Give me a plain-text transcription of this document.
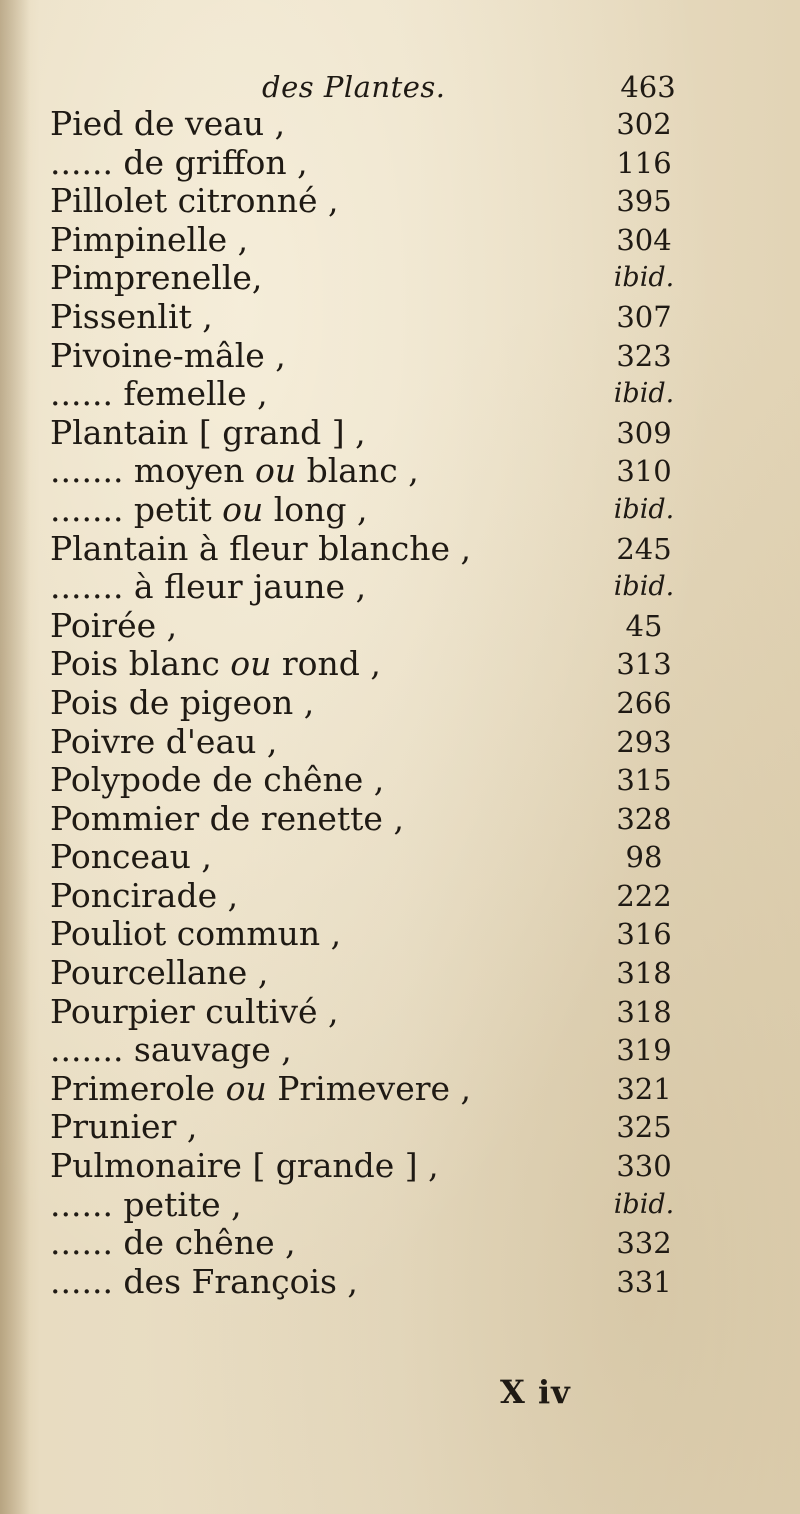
des Plantes.	463
Pied de veau ,	302
...... de griffon ,	116
Pillolet citronné ,	395
Pimpinelle ,	304
Pimprenelle,	ibid.
Pissenlit ,	307
Pivoine-mâle ,	323
...... femelle ,	ibid.
Plantain [ grand ] ,	309
....... moyen ou blanc ,	310
....... petit ou long ,	ibid.
Plantain à fleur blanche ,	245
....... à fleur jaune ,	ibid.
Poirée ,	45
Pois blanc ou rond ,	313
Pois de pigeon ,	266
Poivre d'eau ,	293
Polypode de chêne ,	315
Pommier de renette ,	328
Ponceau ,	98
Poncirade ,	222
Pouliot commun ,	316
Pourcellane ,	318
Pourpier cultivé ,	318
....... sauvage ,	319
Primerole ou Primevere ,	321
Prunier ,	325
Pulmonaire [ grande ] ,	330
...... petite ,	ibid.
...... de chêne ,	332
...... des François ,	331
X iv
